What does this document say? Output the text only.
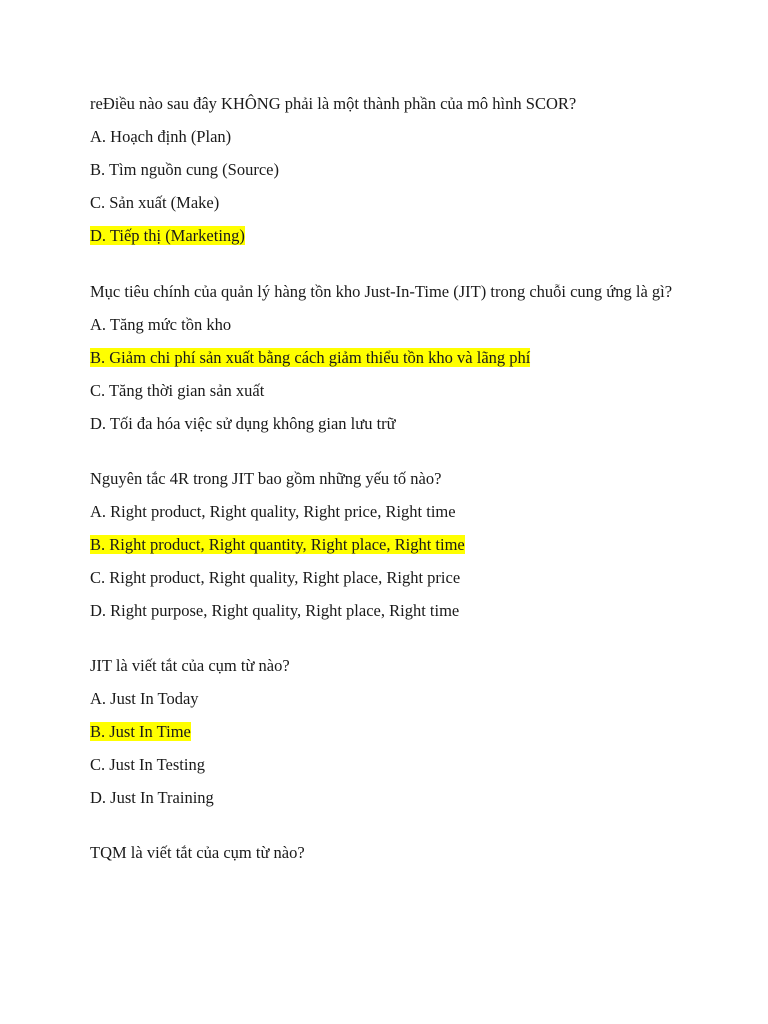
reĐiều nào sau đây KHÔNG phải là một thành phần của mô hình SCOR?

A. Hoạch định (Plan)

B. Tìm nguồn cung (Source)

C. Sản xuất (Make)

D. Tiếp thị (Marketing)

Mục tiêu chính của quản lý hàng tồn kho Just-In-Time (JIT) trong chuỗi cung ứng là gì?

A. Tăng mức tồn kho

B. Giảm chi phí sản xuất bằng cách giảm thiểu tồn kho và lãng phí

C. Tăng thời gian sản xuất

D. Tối đa hóa việc sử dụng không gian lưu trữ

Nguyên tắc 4R trong JIT bao gồm những yếu tố nào?

A. Right product, Right quality, Right price, Right time

B. Right product, Right quantity, Right place, Right time

C. Right product, Right quality, Right place, Right price

D. Right purpose, Right quality, Right place, Right time

JIT là viết tắt của cụm từ nào?

A. Just In Today

B. Just In Time

C. Just In Testing

D. Just In Training

TQM là viết tắt của cụm từ nào?
